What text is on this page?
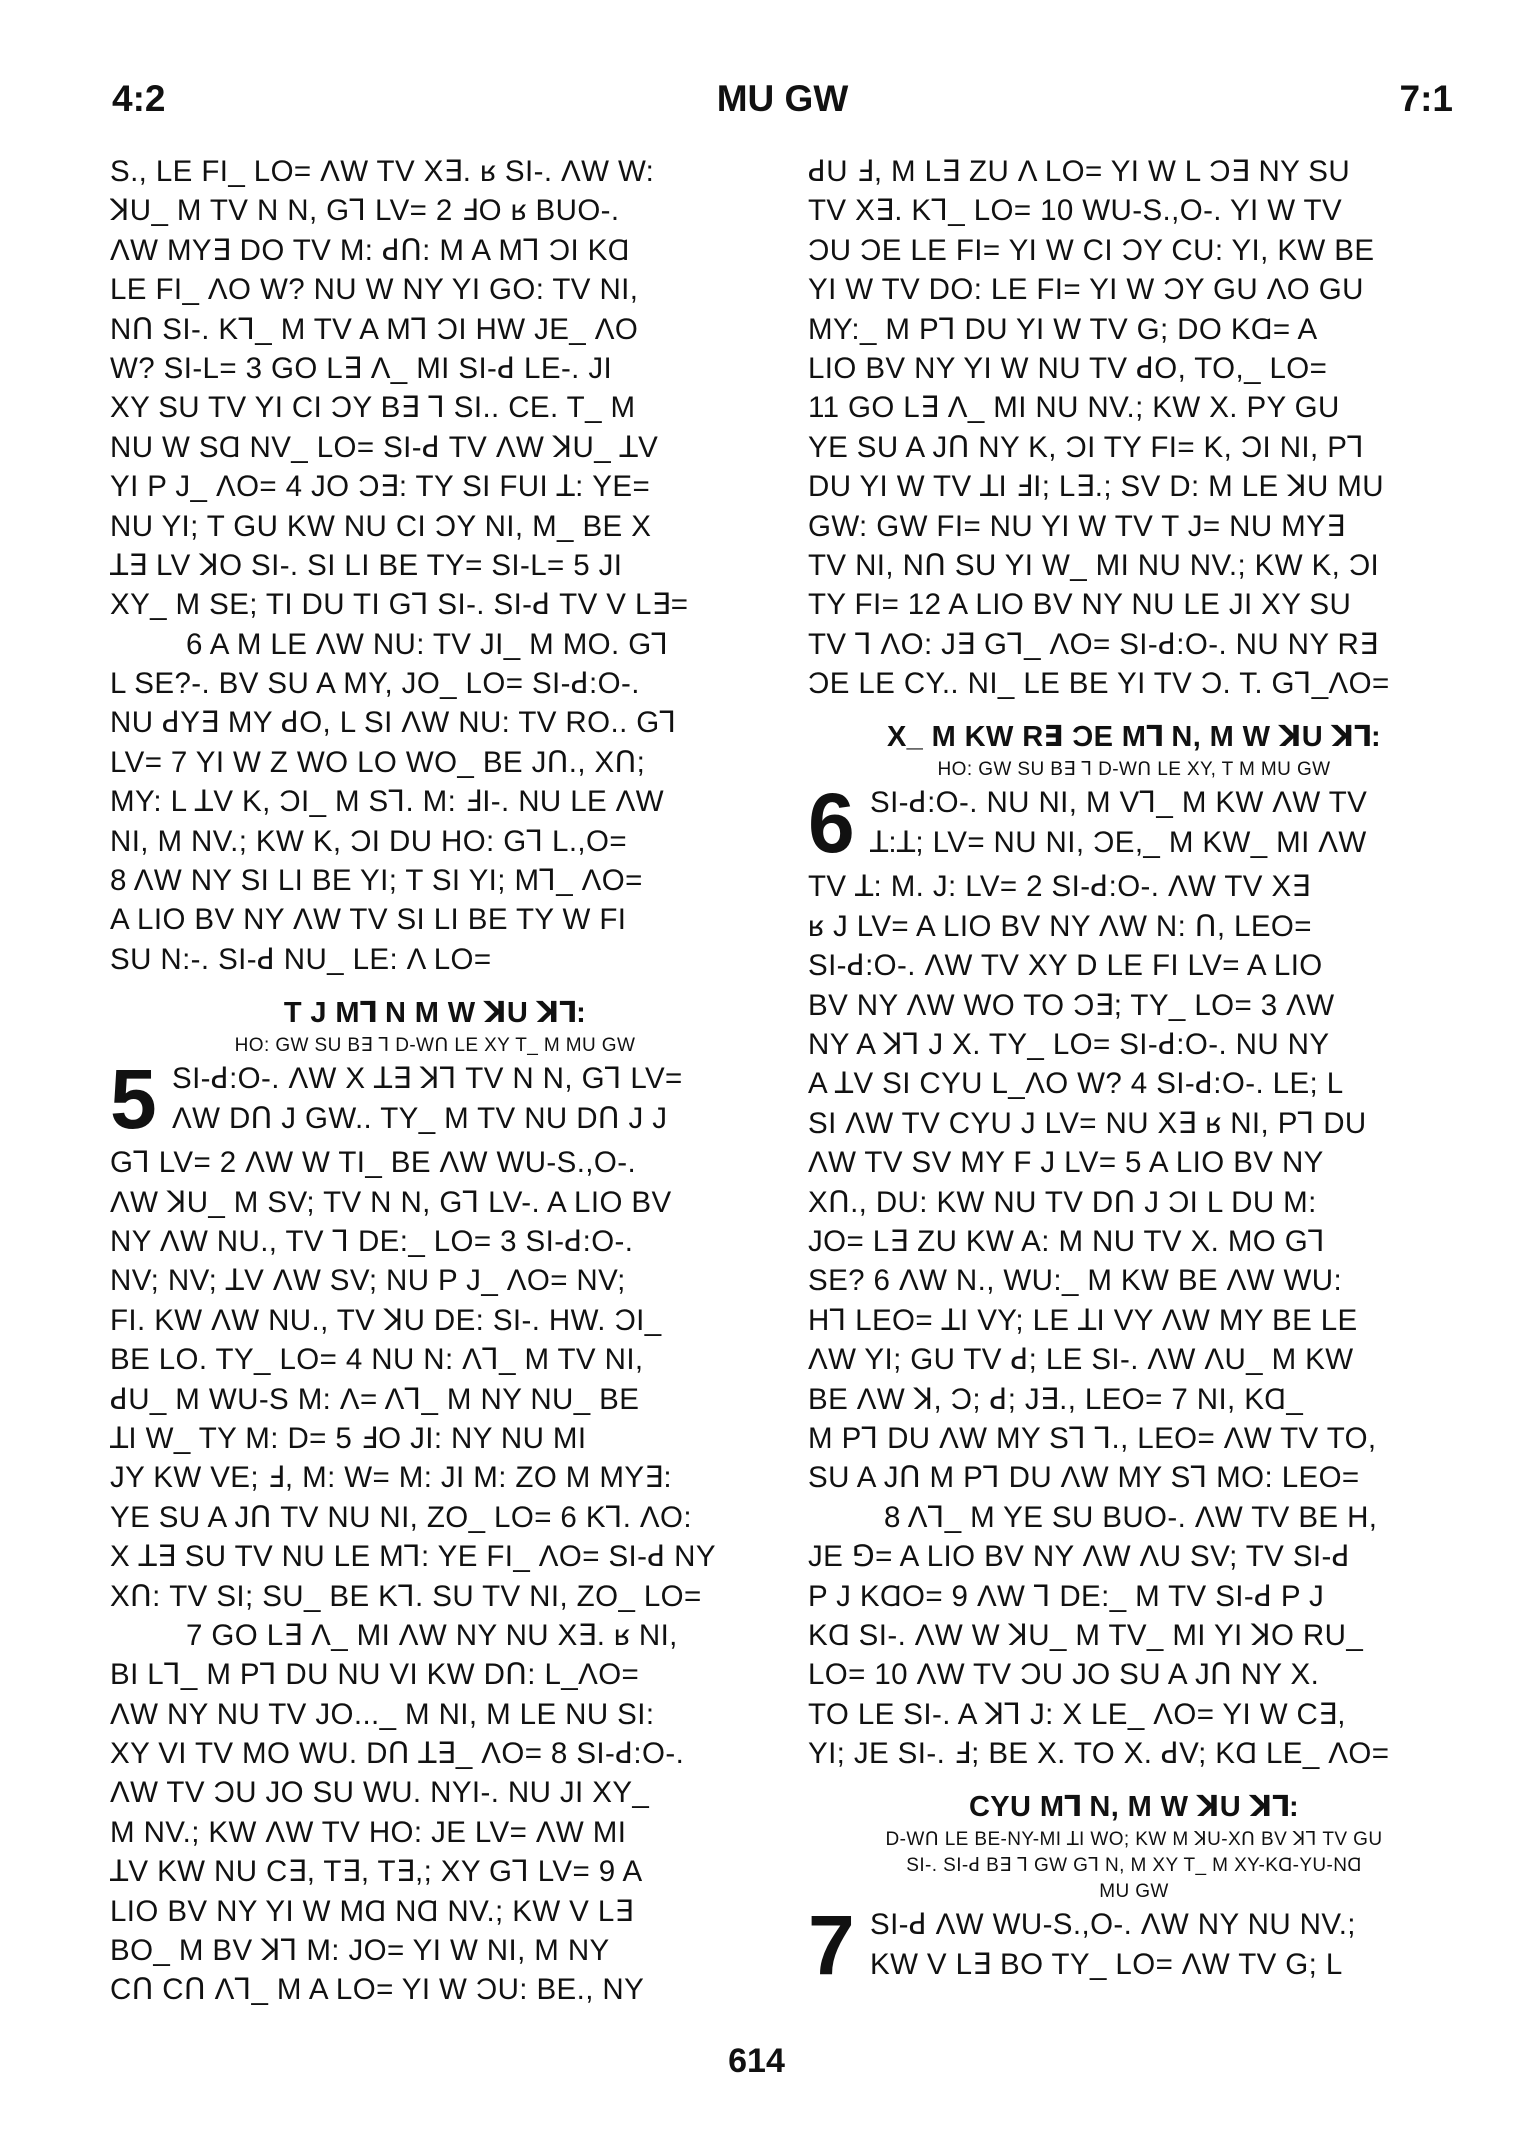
4:2	MU GW	7:1
S., LE FI_ LO= ΛW TV X∃. ʁ SI-. ΛW W:
ꓘU_ M TV N N, G⅂ LV= 2 ꓞO ʁ BUO-.
ΛW MY∃ DO TV M: ꓒՈ: M A M⅂ ƆI KⱭ
LE FI_ ΛO W? NU W NY YI GO: TV NI,
NՈ SI-. K⅂_ M TV A M⅂ ƆI HW JE_ ΛO
W? SI-L= 3 GO L∃ Λ_ MI SI-ꓒ LE-. JI
XY SU TV YI CI ƆY B∃ ⅂ SI.. CE. T_ M
NU W SⱭ NV_ LO= SI-ꓒ TV ΛW ꓘU_ ꓕV
YI P J_ ΛO= 4 JO Ɔ∃: TY SI FUI ꓕ: YE=
NU YI; T GU KW NU CI ƆY NI, M_ BE X
ꓕ∃ LV ꓘO SI-. SI LI BE TY= SI-L= 5 JI
XY_ M SE; TI DU TI G⅂ SI-. SI-ꓒ TV V L∃=
6 A M LE ΛW NU: TV JI_ M MO. G⅂
L SE?-. BV SU A MY, JO_ LO= SI-ꓒ:O-.
NU ꓒY∃ MY ꓒO, L SI ΛW NU: TV RO.. G⅂
LV= 7 YI W Z WO LO WO_ BE JՈ., XՈ;
MY: L ꓕV K, ƆI_ M S⅂. M: ꓞI-. NU LE ΛW
NI, M NV.; KW K, ƆI DU HO: G⅂ L.,O=
8 ΛW NY SI LI BE YI; T SI YI; M⅂_ ΛO=
A LIO BV NY ΛW TV SI LI BE TY W FI
SU N:-. SI-ꓒ NU_ LE: Λ LO=
T J M⅂ N M W ꓘU ꓘ⅂:
HO: GW SU B∃ ⅂ D-WՈ LE XY T_ M MU GW
5 SI-ꓒ:O-. ΛW X ꓕ∃ ꓘ⅂ TV N N, G⅂ LV=
ΛW DՈ J GW.. TY_ M TV NU DՈ J J
G⅂ LV= 2 ΛW W TI_ BE ΛW WU-S.,O-.
ΛW ꓘU_ M SV; TV N N, G⅂ LV-. A LIO BV
NY ΛW NU., TV ⅂ DE:_ LO= 3 SI-ꓒ:O-.
NV; NV; ꓕV ΛW SV; NU P J_ ΛO= NV;
FI. KW ΛW NU., TV ꓘU DE: SI-. HW. ƆI_
BE LO. TY_ LO= 4 NU N: Λ⅂_ M TV NI,
ꓒU_ M WU-S M: Λ= Λ⅂_ M NY NU_ BE
ꓕI W_ TY M: D= 5 ꓞO JI: NY NU MI
JY KW VE; ꓞ, M: W= M: JI M: ZO M MY∃:
YE SU A JՈ TV NU NI, ZO_ LO= 6 K⅂. ΛO:
X ꓕ∃ SU TV NU LE M⅂: YE FI_ ΛO= SI-ꓒ NY
XՈ: TV SI; SU_ BE K⅂. SU TV NI, ZO_ LO=
7 GO L∃ Λ_ MI ΛW NY NU X∃. ʁ NI,
BI L⅂_ M P⅂ DU NU VI KW DՈ: L_ΛO=
ΛW NY NU TV JO..._ M NI, M LE NU SI:
XY VI TV MO WU. DՈ ꓕ∃_ ΛO= 8 SI-ꓒ:O-.
ΛW TV ƆU JO SU WU. NYI-. NU JI XY_
M NV.; KW ΛW TV HO: JE LV= ΛW MI
ꓕV KW NU C∃, T∃, T∃,; XY G⅂ LV= 9 A
LIO BV NY YI W MⱭ NⱭ NV.; KW V L∃
BO_ M BV ꓘ⅂ M: JO= YI W NI, M NY
CՈ CՈ Λ⅂_ M A LO= YI W ƆU: BE., NY
ꓒU ꓞ, M L∃ ZU Λ LO= YI W L Ɔ∃ NY SU
TV X∃. K⅂_ LO= 10 WU-S.,O-. YI W TV
ƆU ƆE LE FI= YI W CI ƆY CU: YI, KW BE
YI W TV DO: LE FI= YI W ƆY GU ΛO GU
MY:_ M P⅂ DU YI W TV G; DO KⱭ= A
LIO BV NY YI W NU TV ꓒO, TO,_ LO=
11 GO L∃ Λ_ MI NU NV.; KW X. PY GU
YE SU A JՈ NY K, ƆI TY FI= K, ƆI NI, P⅂
DU YI W TV ꓕI ꓞI; L∃.; SV D: M LE ꓘU MU
GW: GW FI= NU YI W TV T J= NU MY∃
TV NI, NՈ SU YI W_ MI NU NV.; KW K, ƆI
TY FI= 12 A LIO BV NY NU LE JI XY SU
TV ⅂ ΛO: J∃ G⅂_ ΛO= SI-ꓒ:O-. NU NY R∃
ƆE LE CY.. NI_ LE BE YI TV Ɔ. T. G⅂_ΛO=
X_ M KW R∃ ƆE M⅂ N, M W ꓘU ꓘ⅂:
HO: GW SU B∃ ⅂ D-WՈ LE XY, T M MU GW
6 SI-ꓒ:O-. NU NI, M V⅂_ M KW ΛW TV
ꓕ:ꓕ; LV= NU NI, ƆE,_ M KW_ MI ΛW
TV ꓕ: M. J: LV= 2 SI-ꓒ:O-. ΛW TV X∃
ʁ J LV= A LIO BV NY ΛW N: Ո, LEO=
SI-ꓒ:O-. ΛW TV XY D LE FI LV= A LIO
BV NY ΛW WO TO Ɔ∃; TY_ LO= 3 ΛW
NY A ꓘ⅂ J X. TY_ LO= SI-ꓒ:O-. NU NY
A ꓕV SI CYU L_ΛO W? 4 SI-ꓒ:O-. LE; L
SI ΛW TV CYU J LV= NU X∃ ʁ NI, P⅂ DU
ΛW TV SV MY F J LV= 5 A LIO BV NY
XՈ., DU: KW NU TV DՈ J ƆI L DU M:
JO= L∃ ZU KW A: M NU TV X. MO G⅂
SE? 6 ΛW N., WU:_ M KW BE ΛW WU:
H⅂ LEO= ꓕI VY; LE ꓕI VY ΛW MY BE LE
ΛW YI; GU TV ꓒ; LE SI-. ΛW ΛU_ M KW
BE ΛW ꓘ, Ɔ; ꓒ; J∃., LEO= 7 NI, KⱭ_
M P⅂ DU ΛW MY S⅂ ⅂., LEO= ΛW TV TO,
SU A JՈ M P⅂ DU ΛW MY S⅂ MO: LEO=
8 Λ⅂_ M YE SU BUO-. ΛW TV BE H,
JE ⅁= A LIO BV NY ΛW ΛU SV; TV SI-ꓒ
P J KⱭO= 9 ΛW ⅂ DE:_ M TV SI-ꓒ P J
KⱭ SI-. ΛW W ꓘU_ M TV_ MI YI ꓘO RU_
LO= 10 ΛW TV ƆU JO SU A JՈ NY X.
TO LE SI-. A ꓘ⅂ J: X LE_ ΛO= YI W C∃,
YI; JE SI-. ꓞ; BE X. TO X. ꓒV; KⱭ LE_ ΛO=
CYU M⅂ N, M W ꓘU ꓘ⅂:
D-WՈ LE BE-NY-MI ꓕI WO; KW M ꓘU-XՈ BV ꓘ⅂ TV GU
SI-. SI-ꓒ B∃ ⅂ GW G⅂ N, M XY T_ M XY-KⱭ-YU-NⱭ
MU GW
7 SI-ꓒ ΛW WU-S.,O-. ΛW NY NU NV.;
KW V L∃ BO TY_ LO= ΛW TV G; L
614
